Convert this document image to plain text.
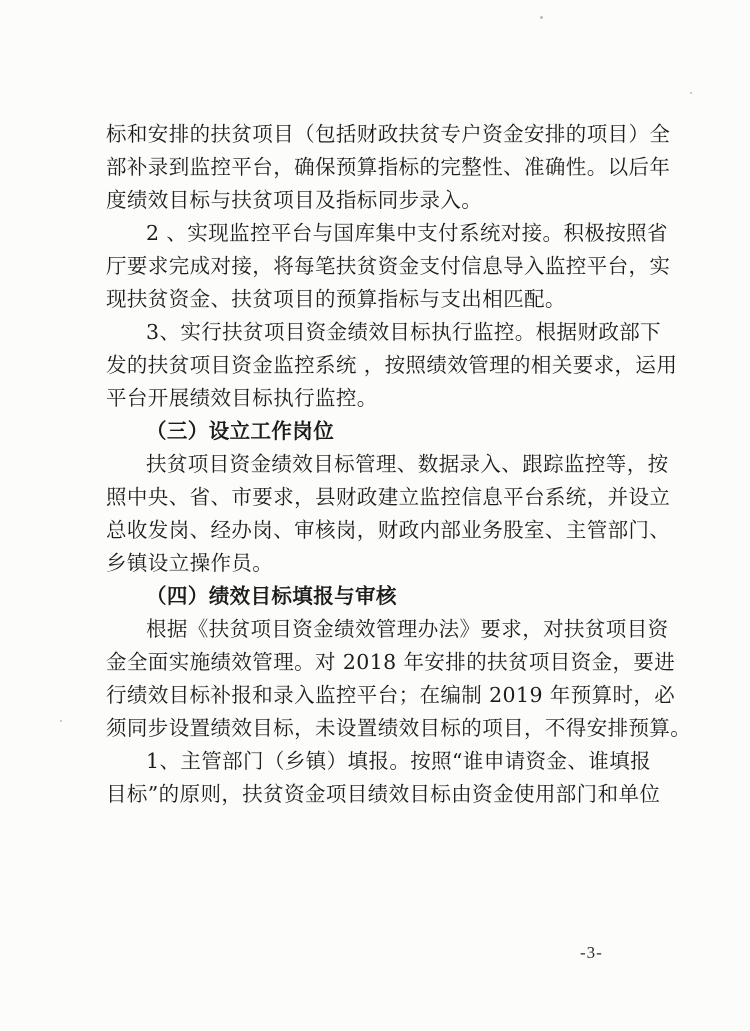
标和安排的扶贫项目（包括财政扶贫专户资金安排的项目）全
部补录到监控平台，确保预算指标的完整性、准确性。以后年
度绩效目标与扶贫项目及指标同步录入。
2 、实现监控平台与国库集中支付系统对接。积极按照省
厅要求完成对接，将每笔扶贫资金支付信息导入监控平台，实
现扶贫资金、扶贫项目的预算指标与支出相匹配。
3、实行扶贫项目资金绩效目标执行监控。根据财政部下
发的扶贫项目资金监控系统 ，按照绩效管理的相关要求，运用
平台开展绩效目标执行监控。
（三）设立工作岗位
扶贫项目资金绩效目标管理、数据录入、跟踪监控等，按
照中央、省、市要求，县财政建立监控信息平台系统，并设立
总收发岗、经办岗、审核岗，财政内部业务股室、主管部门、
乡镇设立操作员。
（四）绩效目标填报与审核
根据《扶贫项目资金绩效管理办法》要求，对扶贫项目资
金全面实施绩效管理。对 2018 年安排的扶贫项目资金，要进
行绩效目标补报和录入监控平台；在编制 2019 年预算时，必
须同步设置绩效目标，未设置绩效目标的项目，不得安排预算。
1、主管部门（乡镇）填报。按照“谁申请资金、谁填报
目标”的原则，扶贫资金项目绩效目标由资金使用部门和单位
-3-
